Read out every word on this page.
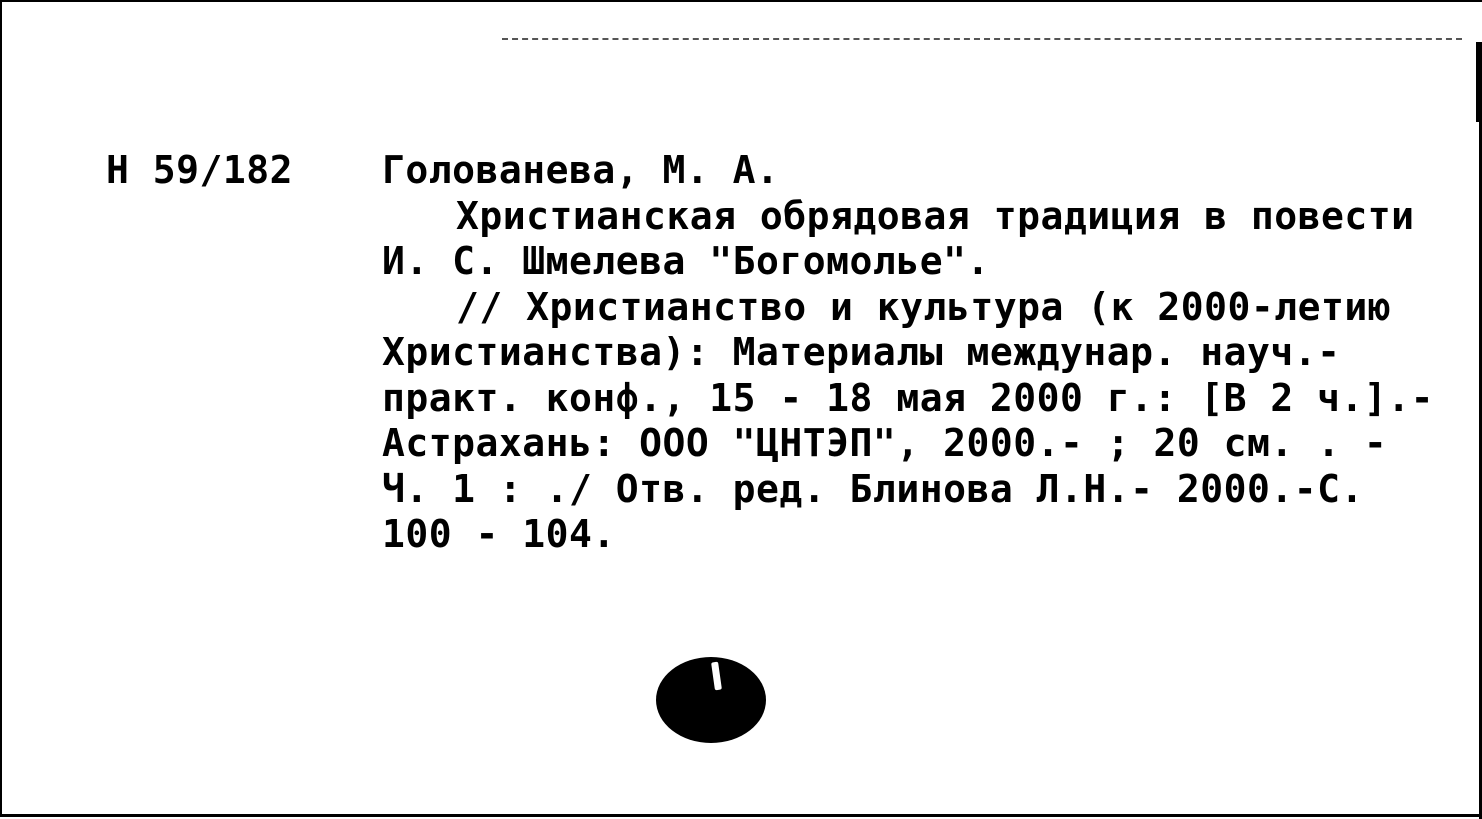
Н 59/182 Голованева, М. А.
Христианская обрядовая традиция в повести
И. С. Шмелева "Богомолье".
// Христианство и культура (к 2000-летию
Христианства): Материалы междунар. науч.-
практ. конф., 15 - 18 мая 2000 г.: [В 2 ч.].-
Астрахань: ООО "ЦНТЭП", 2000.- ; 20 см. . -
Ч. 1 : ./ Отв. ред. Блинова Л.Н.- 2000.-С.
100 - 104.
